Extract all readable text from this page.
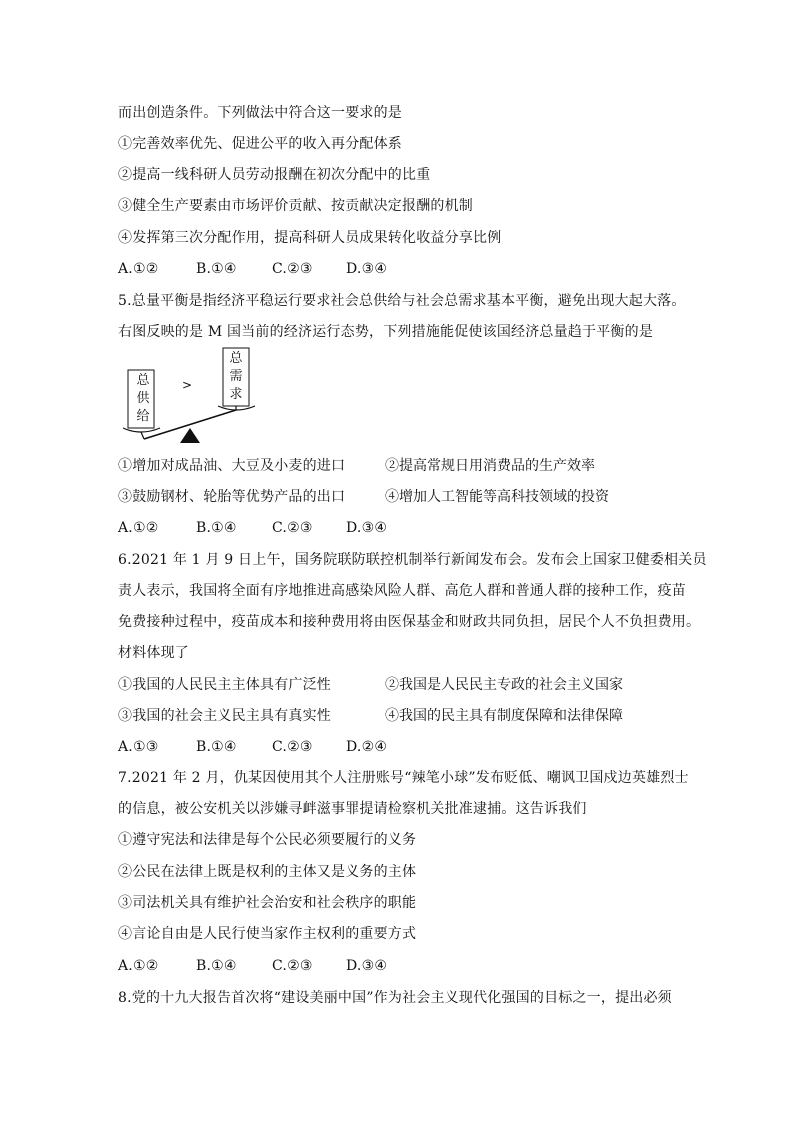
而出创造条件。下列做法中符合这一要求的是
①完善效率优先、促进公平的收入再分配体系
②提高一线科研人员劳动报酬在初次分配中的比重
③健全生产要素由市场评价贡献、按贡献决定报酬的机制
④发挥第三次分配作用，提高科研人员成果转化收益分享比例
A.①②	B.①④	C.②③ D.③④
5.总量平衡是指经济平稳运行要求社会总供给与社会总需求基本平衡，避免出现大起大落。
右图反映的是 M 国当前的经济运行态势，下列措施能促使该国经济总量趋于平衡的是
>
总
供
给
总
需
求
①增加对成品油、大豆及小麦的进口	②提高常规日用消费品的生产效率
③鼓励钢材、轮胎等优势产品的出口	④增加人工智能等高科技领域的投资
A.①②	B.①④	C.②③ D.③④
6.2021 年 1 月 9 日上午，国务院联防联控机制举行新闻发布会。发布会上国家卫健委相关员
责人表示，我国将全面有序地推进高感染风险人群、高危人群和普通人群的接种工作，疫苗
免费接种过程中，疫苗成本和接种费用将由医保基金和财政共同负担，居民个人不负担费用。
材料体现了
①我国的人民民主主体具有广泛性	②我国是人民民主专政的社会主义国家
③我国的社会主义民主具有真实性	④我国的民主具有制度保障和法律保障
A.①③	B.①④	C.②③ D.②④
7.2021 年 2 月，仇某因使用其个人注册账号“辣笔小球”发布贬低、嘲讽卫国戍边英雄烈士
的信息，被公安机关以涉嫌寻衅滋事罪提请检察机关批准逮捕。这告诉我们
①遵守宪法和法律是每个公民必须要履行的义务
②公民在法律上既是权利的主体又是义务的主体
③司法机关具有维护社会治安和社会秩序的职能
④言论自由是人民行使当家作主权利的重要方式
A.①②	B.①④	C.②③ D.③④
8.党的十九大报告首次将“建设美丽中国”作为社会主义现代化强国的目标之一，提出必须
